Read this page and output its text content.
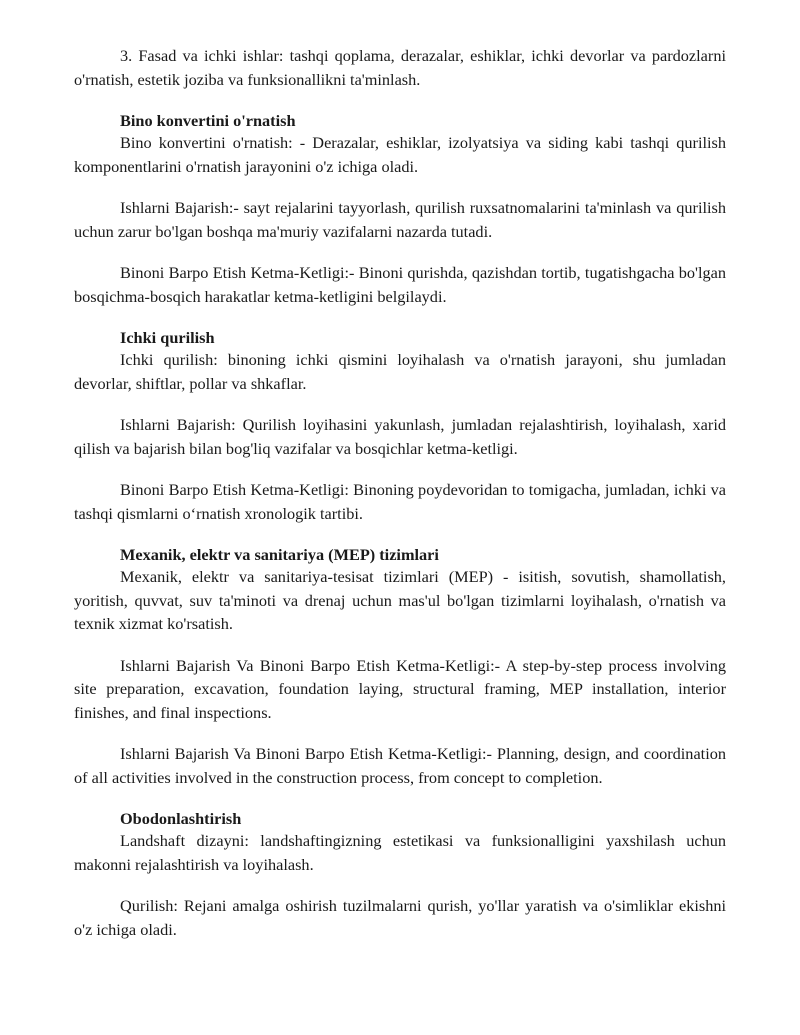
3. Fasad va ichki ishlar: tashqi qoplama, derazalar, eshiklar, ichki devorlar va pardozlarni o'rnatish, estetik joziba va funksionallikni ta'minlash.

Bino konvertini o'rnatish

Bino konvertini o'rnatish: - Derazalar, eshiklar, izolyatsiya va siding kabi tashqi qurilish komponentlarini o'rnatish jarayonini o'z ichiga oladi.

Ishlarni Bajarish:- sayt rejalarini tayyorlash, qurilish ruxsatnomalarini ta'minlash va qurilish uchun zarur bo'lgan boshqa ma'muriy vazifalarni nazarda tutadi.

Binoni Barpo Etish Ketma-Ketligi:- Binoni qurishda, qazishdan tortib, tugatishgacha bo'lgan bosqichma-bosqich harakatlar ketma-ketligini belgilaydi.

Ichki qurilish

Ichki qurilish: binoning ichki qismini loyihalash va o'rnatish jarayoni, shu jumladan devorlar, shiftlar, pollar va shkaflar.

Ishlarni Bajarish: Qurilish loyihasini yakunlash, jumladan rejalashtirish, loyihalash, xarid qilish va bajarish bilan bog'liq vazifalar va bosqichlar ketma-ketligi.

Binoni Barpo Etish Ketma-Ketligi: Binoning poydevoridan to tomigacha, jumladan, ichki va tashqi qismlarni o‘rnatish xronologik tartibi.

Mexanik, elektr va sanitariya (MEP) tizimlari

Mexanik, elektr va sanitariya-tesisat tizimlari (MEP) - isitish, sovutish, shamollatish, yoritish, quvvat, suv ta'minoti va drenaj uchun mas'ul bo'lgan tizimlarni loyihalash, o'rnatish va texnik xizmat ko'rsatish.

Ishlarni Bajarish Va Binoni Barpo Etish Ketma-Ketligi:- A step-by-step process involving site preparation, excavation, foundation laying, structural framing, MEP installation, interior finishes, and final inspections.

Ishlarni Bajarish Va Binoni Barpo Etish Ketma-Ketligi:- Planning, design, and coordination of all activities involved in the construction process, from concept to completion.

Obodonlashtirish

Landshaft dizayni: landshaftingizning estetikasi va funksionalligini yaxshilash uchun makonni rejalashtirish va loyihalash.

Qurilish: Rejani amalga oshirish tuzilmalarni qurish, yo'llar yaratish va o'simliklar ekishni o'z ichiga oladi.
